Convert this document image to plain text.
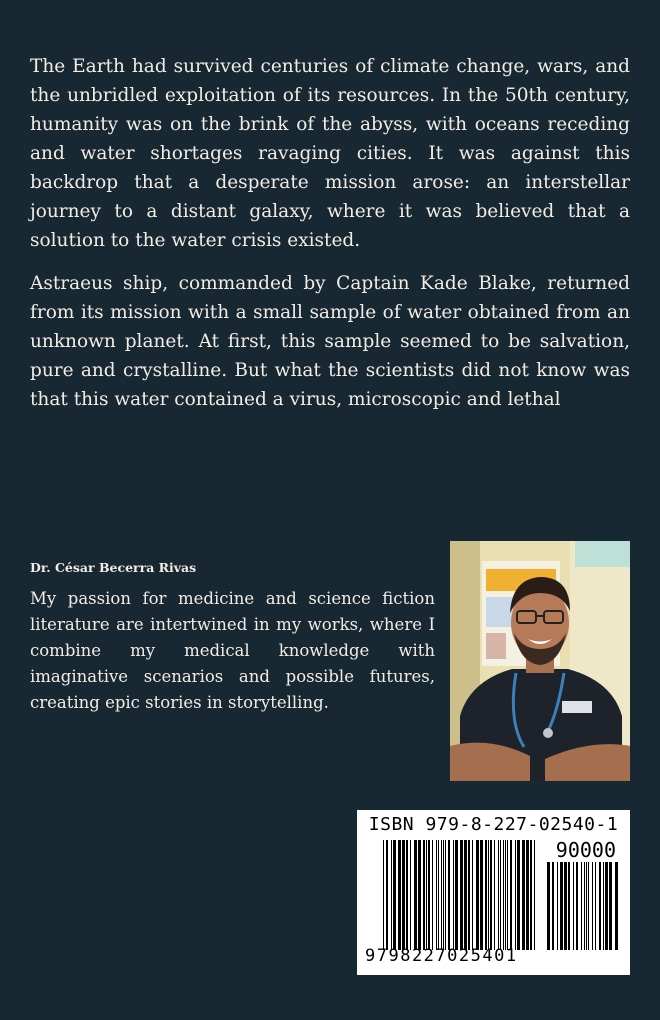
The Earth had survived centuries of climate change, wars, and the unbridled exploitation of its resources. In the 50th century, humanity was on the brink of the abyss, with oceans receding and water shortages ravaging cities. It was against this backdrop that a desperate mission arose: an interstellar journey to a distant galaxy, where it was believed that a solution to the water crisis existed.

Astraeus ship, commanded by Captain Kade Blake, returned from its mission with a small sample of water obtained from an unknown planet. At first, this sample seemed to be salvation, pure and crystalline. But what the scientists did not know was that this water contained a virus, microscopic and lethal

Dr. César Becerra Rivas

My passion for medicine and science fiction literature are intertwined in my works, where I combine my medical knowledge with imaginative scenarios and possible futures, creating epic stories in storytelling.

ISBN 979-8-227-02540-1
90000
9798227025401
